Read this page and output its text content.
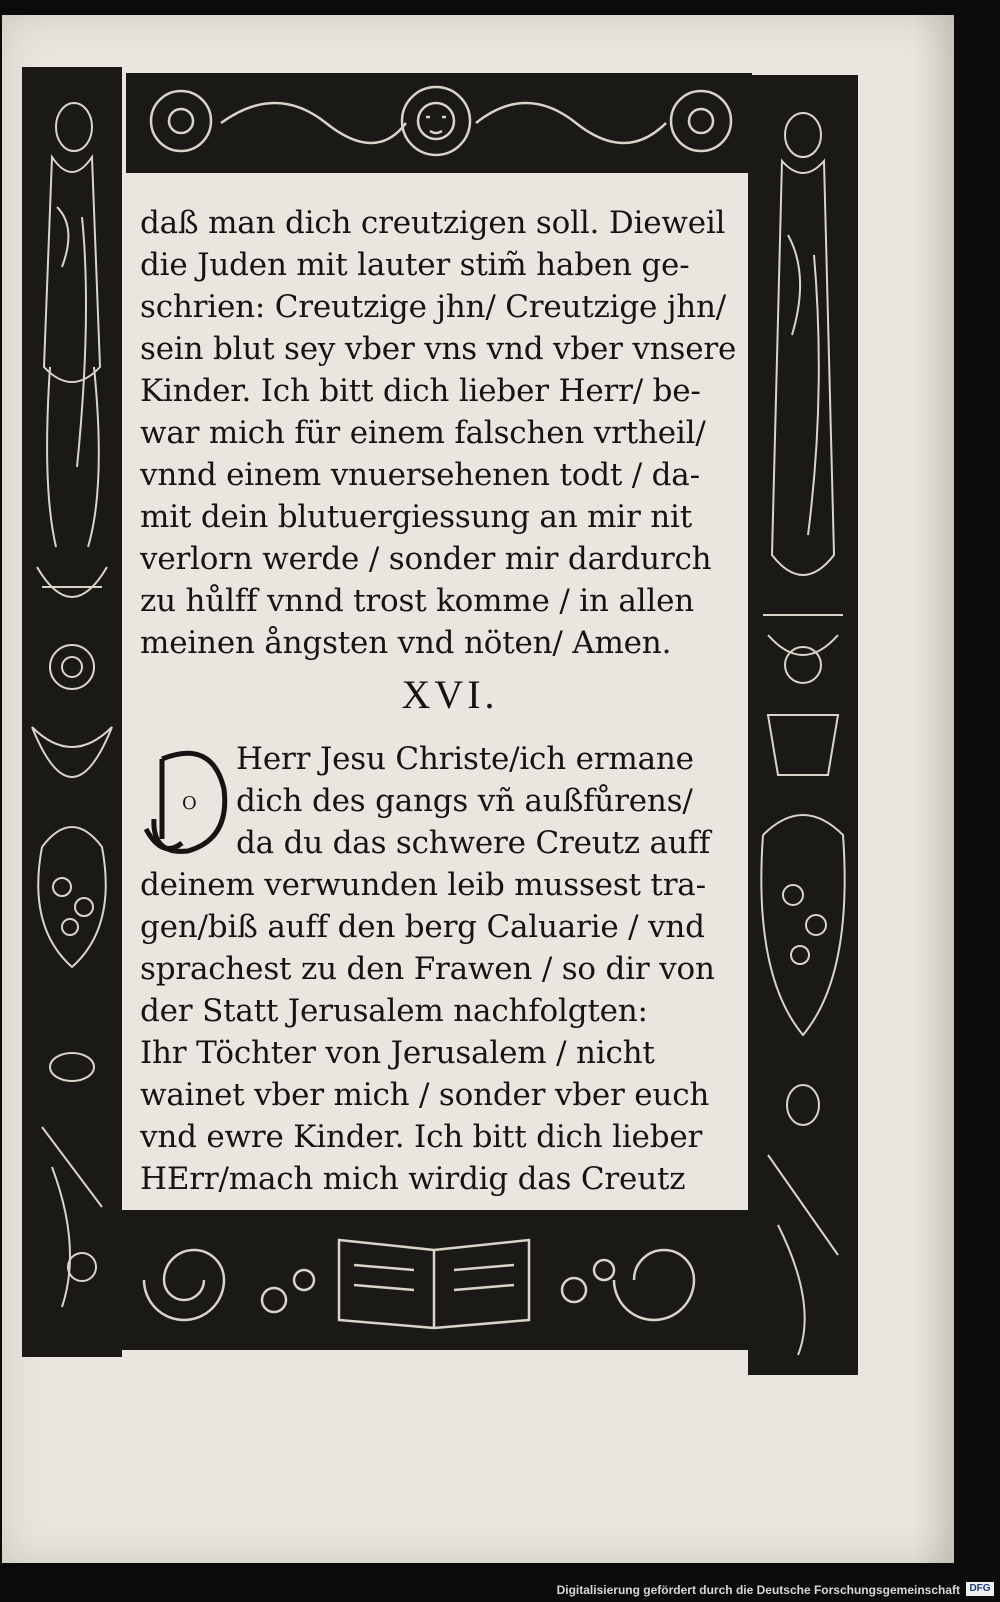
daß man dich creutzigen soll. Dieweil
die Juden mit lauter stim̃ haben ge-
schrien: Creutzige jhn/ Creutzige jhn/
sein blut sey vber vns vnd vber vnsere
Kinder. Ich bitt dich lieber Herr/ be-
war mich für einem falschen vrtheil/
vnnd einem vnuersehenen todt / da-
mit dein blutuergiessung an mir nit
verlorn werde / sonder mir dardurch
zu hůlff vnnd trost komme / in allen
meinen ångsten vnd nöten/ Amen.
XVI.
O
Herr Jesu Christe/ich ermane
dich des gangs vñ außfůrens/
da du das schwere Creutz auff
deinem verwunden leib mussest tra-
gen/biß auff den berg Caluarie / vnd
sprachest zu den Frawen / so dir von
der Statt Jerusalem nachfolgten:
Ihr Töchter von Jerusalem / nicht
wainet vber mich / sonder vber euch
vnd ewre Kinder. Ich bitt dich lieber
HErr/mach mich wirdig das Creutz
Digitalisierung gefördert durch die Deutsche Forschungsgemeinschaft DFG
